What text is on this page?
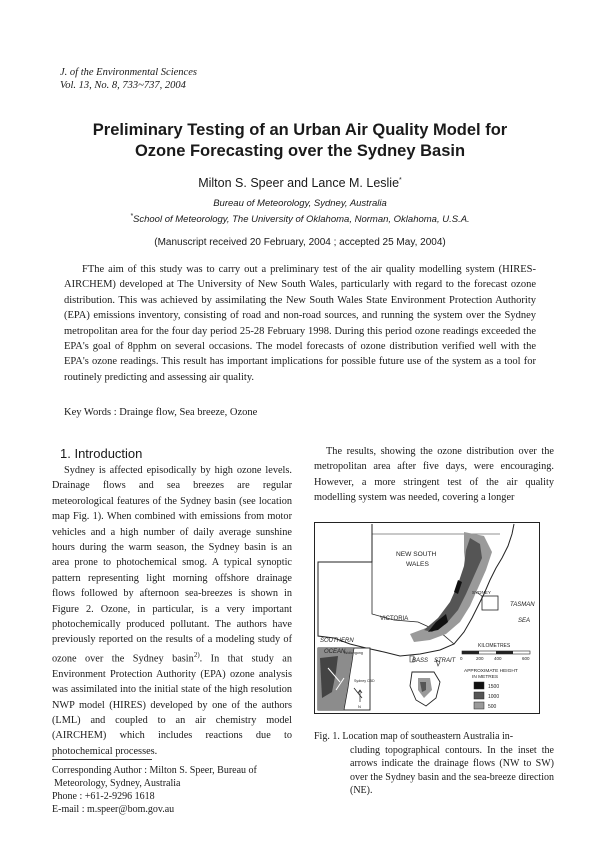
J. of the Environmental Sciences
Vol. 13, No. 8, 733~737, 2004
Preliminary Testing of an Urban Air Quality Model for
Ozone Forecasting over the Sydney Basin
Milton S. Speer and Lance M. Leslie*
Bureau of Meteorology, Sydney, Australia
*School of Meteorology, The University of Oklahoma, Norman, Oklahoma, U.S.A.
(Manuscript received 20 February, 2004 ; accepted 25 May, 2004)
FThe aim of this study was to carry out a preliminary test of the air quality modelling system (HIRES-AIRCHEM) developed at The University of New South Wales, particularly with regard to the forecast ozone distribution. This was achieved by assimilating the New South Wales State Environment Protection Authority (EPA) emissions inventory, consisting of road and non-road sources, and running the system over the Sydney metropolitan area for the four day period 25-28 February 1998. During this period ozone readings exceeded the EPA's goal of 8pphm on several occasions. The model forecasts of ozone distribution verified well with the EPA's ozone readings. This result has important implications for possible future use of the system as a tool for routinely predicting and assessing air quality.
Key Words : Drainge flow, Sea breeze, Ozone
1. Introduction
Sydney is affected episodically by high ozone levels. Drainage flows and sea breezes are regular meteorological features of the Sydney basin (see location map Fig. 1). When combined with emissions from motor vehicles and a high number of daily average sunshine hours during the warm season, the Sydney basin is an area prone to photochemical smog. A typical synoptic pattern representing light morning offshore drainage flows followed by afternoon sea-breezes is shown in Figure 2. Ozone, in particular, is a very important photochemically produced pollutant. The authors have previously reported on the results of a modeling study of ozone over the Sydney basin$^{2)}$. In that study an Environment Protection Authority (EPA) ozone analysis was assimilated into the initial state of the high resolution NWP model (HIRES) developed by one of the authors (LML) and coupled to an air chemistry model (AIRCHEM) which includes reactions due to photochemical processes.
The results, showing the ozone distribution over the metropolitan area after five days, were encouraging. However, a more stringent test of the air quality modelling system was needed, covering a longer
Corresponding Author : Milton S. Speer, Bureau of
Meteorology, Sydney, Australia
Phone : +61-2-9296 1618
E-mail : m.speer@bom.gov.au
NEW SOUTH
WALES
SYDNEY
TASMAN
SEA
VICTORIA
SOUTHERN
OCEAN
BASS STRAIT
Wollongong
Sydney CBD
N
KILOMETRES
0	200 400	600
APPROXIMATE HEIGHT
IN METRES
1500
1000
500
Fig. 1. Location map of southeastern Australia in-
cluding topographical contours. In the inset the arrows indicate the drainage flows (NW to SW) over the Sydney basin and the sea-breeze direction (NE).
